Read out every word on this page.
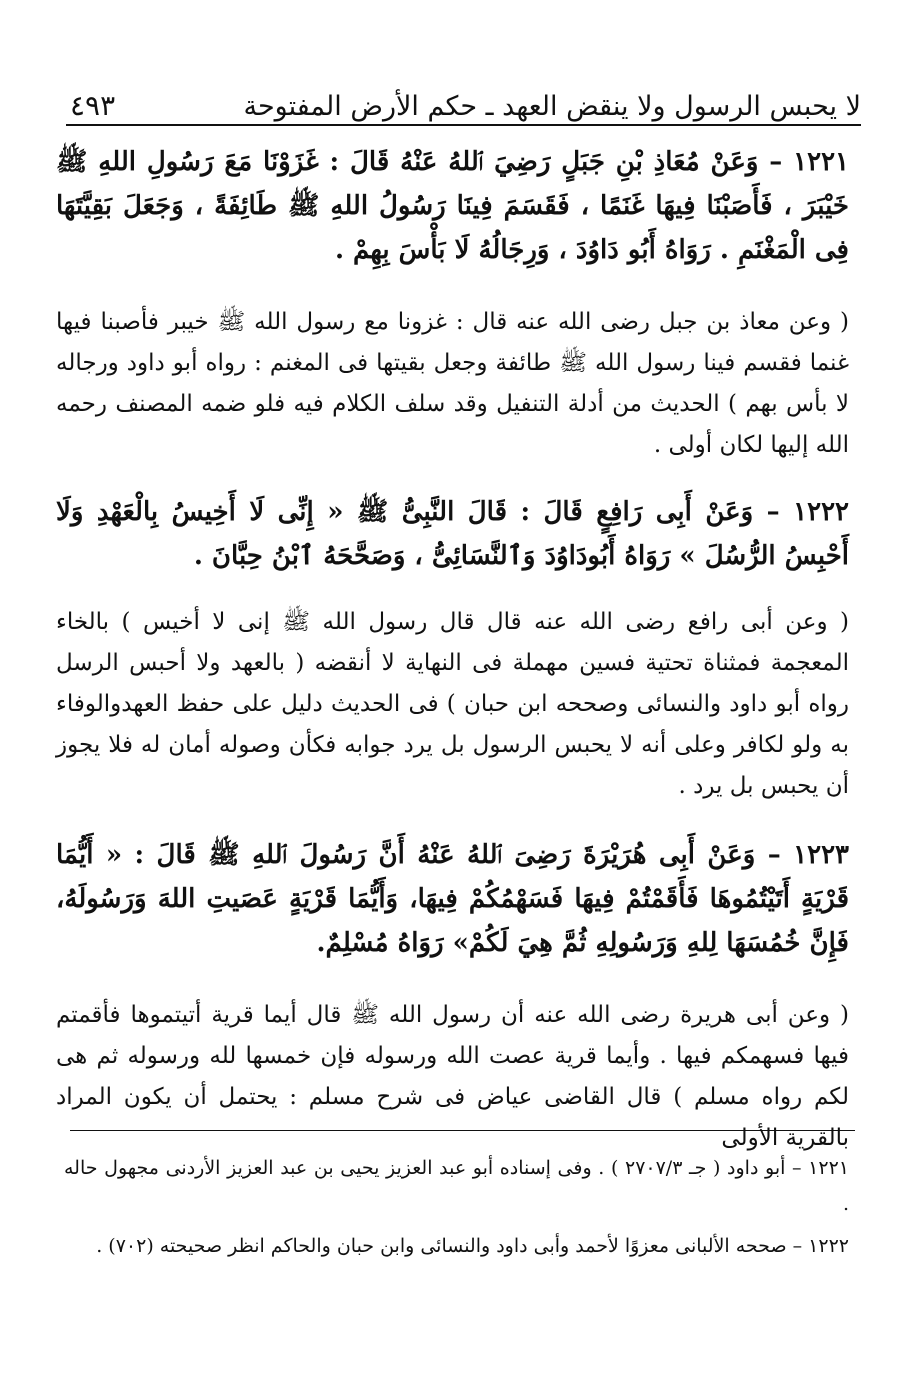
لا يحبس الرسول ولا ينقض العهد ـ حكم الأرض المفتوحة
٤٩٣

١٢٢١ – وَعَنْ مُعَاذِ بْنِ جَبَلٍ رَضِيَ ٱللهُ عَنْهُ قَالَ : غَزَوْنَا مَعَ رَسُولِ اللهِ ﷺ خَيْبَرَ ، فَأَصَبْنَا فِيهَا غَنَمًا ، فَقَسَمَ فِينَا رَسُولُ اللهِ ﷺ طَائِفَةً ، وَجَعَلَ بَقِيَّتَهَا فِى الْمَغْنَمِ . رَوَاهُ أَبُو دَاوُدَ ، وَرِجَالُهُ لَا بَأْسَ بِهِمْ .

( وعن معاذ بن جبل رضى الله عنه قال : غزونا مع رسول الله ﷺ خيبر فأصبنا فيها غنما فقسم فينا رسول الله ﷺ طائفة وجعل بقيتها فى المغنم : رواه أبو داود ورجاله لا بأس بهم ) الحديث من أدلة التنفيل وقد سلف الكلام فيه فلو ضمه المصنف رحمه الله إليها لكان أولى .

١٢٢٢ – وَعَنْ أَبِى رَافِعٍ قَالَ : قَالَ النَّبِىُّ ﷺ « إِنِّى لَا أَخِيسُ بِالْعَهْدِ وَلَا أَحْبِسُ الرُّسُلَ » رَوَاهُ أَبُودَاوُدَ وَٱلنَّسَائِىُّ ، وَصَحَّحَهُ ٱبْنُ حِبَّانَ .

( وعن أبى رافع رضى الله عنه قال قال رسول الله ﷺ إنى لا أخيس ) بالخاء المعجمة فمثناة تحتية فسين مهملة فى النهاية لا أنقضه ( بالعهد ولا أحبس الرسل رواه أبو داود والنسائى وصححه ابن حبان ) فى الحديث دليل على حفظ العهدوالوفاء به ولو لكافر وعلى أنه لا يحبس الرسول بل يرد جوابه فكأن وصوله أمان له فلا يجوز أن يحبس بل يرد .

١٢٢٣ – وَعَنْ أَبِى هُرَيْرَةَ رَضِىَ ٱللهُ عَنْهُ أَنَّ رَسُولَ ٱللهِ ﷺ قَالَ : « أَيُّمَا قَرْيَةٍ أَتَيْتُمُوهَا فَأَقَمْتُمْ فِيهَا فَسَهْمُكُمْ فِيهَا، وَأَيُّمَا قَرْيَةٍ عَصَيتِ اللهَ وَرَسُولَهُ، فَإِنَّ خُمُسَهَا لِلهِ وَرَسُولِهِ ثُمَّ هِيَ لَكُمْ» رَوَاهُ مُسْلِمٌ.

( وعن أبى هريرة رضى الله عنه أن رسول الله ﷺ قال أيما قرية أتيتموها فأقمتم فيها فسهمكم فيها . وأيما قرية عصت الله ورسوله فإن خمسها لله ورسوله ثم هى لكم رواه مسلم ) قال القاضى عياض فى شرح مسلم : يحتمل أن يكون المراد بالقرية الأولى

١٢٢١ – أبو داود ( جـ ٢٧٠٧/٣ ) . وفى إسناده أبو عبد العزيز يحيى بن عبد العزيز الأردنى مجهول حاله .

١٢٢٢ – صححه الألبانى معزوًا لأحمد وأبى داود والنسائى وابن حبان والحاكم انظر صحيحته (٧٠٢) .
